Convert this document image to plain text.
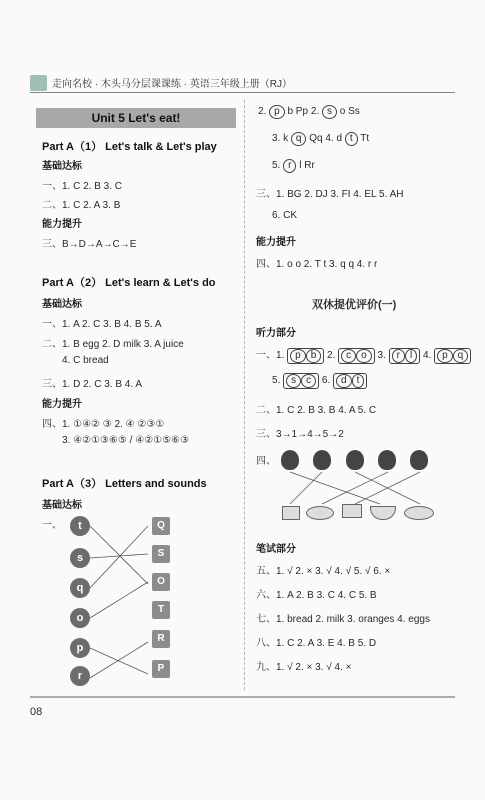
走向名校 · 木头马分层课课练 · 英语三年级上册（RJ）
Unit 5 Let's eat!
Part A（1） Let's talk & Let's play
基础达标
一、1. C 2. B 3. C
二、1. C 2. A 3. B
能力提升
三、B→D→A→C→E
Part A（2） Let's learn & Let's do
基础达标
一、1. A 2. C 3. B 4. B 5. A
二、1. B egg 2. D milk 3. A juice
4. C bread
三、1. D 2. C 3. B 4. A
能力提升
四、1. ①④② ③ 2. ④ ②③①
3. ④②①③⑥⑤ / ④②①⑤⑥③
Part A（3） Letters and sounds
基础达标
一、	t
s
q
o
p
r
Q
S
O
T
R
P
2. p b Pp 2. s o Ss
3. k q Qq 4. d t Tt
5. r l Rr
三、1. BG 2. DJ 3. FI 4. EL 5. AH
6. CK
能力提升
四、1. o o 2. T t 3. q q 4. r r
双休提优评价(一)
听力部分
一、1. p b 2. c o 3. r l 4. p q
5. s c 6. d t
二、1. C 2. B 3. B 4. A 5. C
三、3→1→4→5→2
四、
笔试部分
五、1. √ 2. × 3. √ 4. √ 5. √ 6. ×
六、1. A 2. B 3. C 4. C 5. B
七、1. bread 2. milk 3. oranges 4. eggs
八、1. C 2. A 3. E 4. B 5. D
九、1. √ 2. × 3. √ 4. ×
08
